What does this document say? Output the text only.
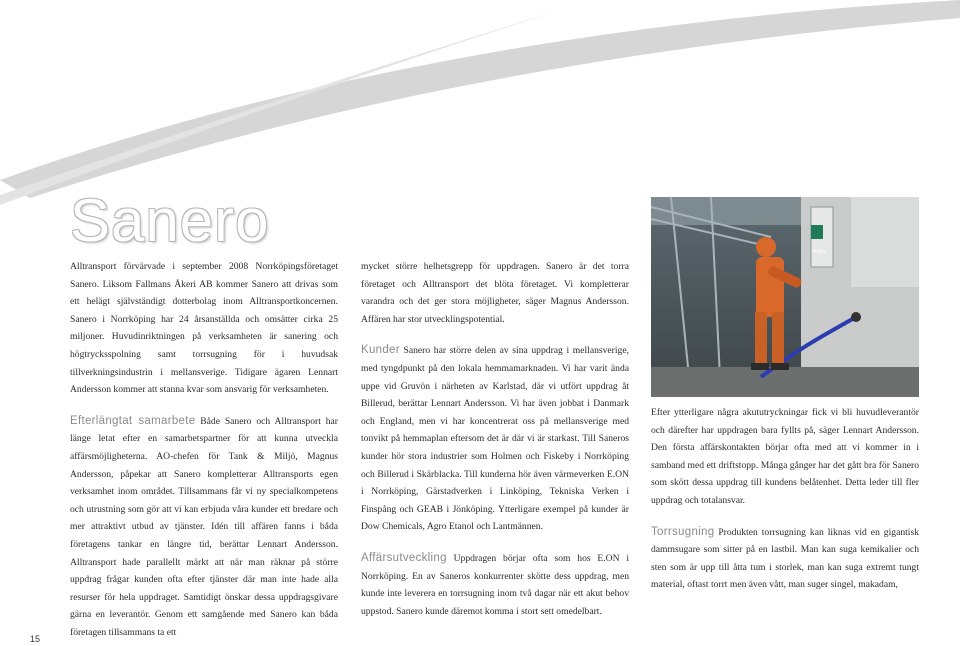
Sanero

Alltransport förvärvade i september 2008 Norrköpingsföretaget Sanero. Liksom Fallmans Åkeri AB kommer Sanero att drivas som ett helägt självständigt dotterbolag inom Alltransportkoncernen. Sanero i Norrköping har 24 årsanställda och omsätter cirka 25 miljoner. Huvudinriktningen på verksamheten är sanering och högtrycksspolning samt torrsugning för i huvudsak tillverkningsindustrin i mellansverige. Tidigare ägaren Lennart Andersson kommer att stanna kvar som ansvarig för verksamheten.

Efterlängtat samarbete Både Sanero och Alltransport har länge letat efter en samarbetspartner för att kunna utveckla affärsmöjligheterna. AO-chefen för Tank & Miljö, Magnus Andersson, påpekar att Sanero kompletterar Alltransports egen verksamhet inom området. Tillsammans får vi ny specialkompetens och utrustning som gör att vi kan erbjuda våra kunder ett bredare och mer attraktivt utbud av tjänster. Idén till affären fanns i båda företagens tankar en längre tid, berättar Lennart Andersson. Alltransport hade parallellt märkt att när man räknar på större uppdrag frågar kunden ofta efter tjänster där man inte hade alla resurser för hela uppdraget. Samtidigt önskar dessa uppdragsgivare gärna en leverantör. Genom ett samgående med Sanero kan båda företagen tillsammans ta ett

mycket större helhetsgrepp för uppdragen. Sanero är det torra företaget och Alltransport det blöta företaget. Vi kompletterar varandra och det ger stora möjligheter, säger Magnus Andersson. Affären har stor utvecklingspotential.

Kunder Sanero har större delen av sina uppdrag i mellansverige, med tyngdpunkt på den lokala hemmamarknaden. Vi har varit ända uppe vid Gruvön i närheten av Karlstad, där vi utfört uppdrag åt Billerud, berättar Lennart Andersson. Vi har även jobbat i Danmark och England, men vi har koncentrerat oss på mellansverige med tonvikt på hemmaplan eftersom det är där vi är starkast. Till Saneros kunder hör stora industrier som Holmen och Fiskeby i Norrköping och Billerud i Skärblacka. Till kunderna hör även värmeverken E.ON i Norrköping, Gärstadverken i Linköping, Tekniska Verken i Finspång och GEAB i Jönköping. Ytterligare exempel på kunder är Dow Chemicals, Agro Etanol och Lantmännen.

Affärsutveckling Uppdragen börjar ofta som hos E.ON i Norrköping. En av Saneros konkurrenter skötte dess uppdrag, men kunde inte leverera en torrsugning inom två dagar när ett akut behov uppstod. Sanero kunde däremot komma i stort sett omedelbart.

Bättre

Efter ytterligare några akututryckningar fick vi bli huvudleverantör och därefter har uppdragen bara fyllts på, säger Lennart Andersson. Den första affärskontakten börjar ofta med att vi kommer in i samband med ett driftstopp. Många gånger har det gått bra för Sanero som skött dessa uppdrag till kundens belåtenhet. Detta leder till fler uppdrag och totalansvar.

Torrsugning Produkten torrsugning kan liknas vid en gigantisk dammsugare som sitter på en lastbil. Man kan suga kemikalier och sten som är upp till åtta tum i storlek, man kan suga extremt tungt material, oftast torrt men även vått, man suger singel, makadam,

15
